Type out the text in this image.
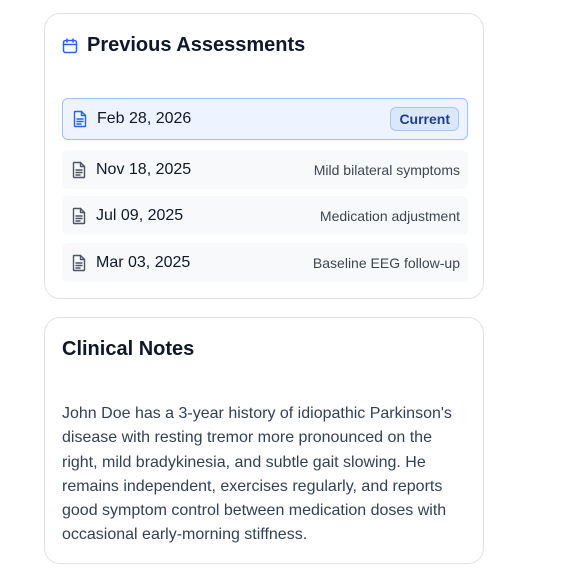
Previous Assessments
Feb 28, 2026	Current
Nov 18, 2025	Mild bilateral symptoms
Jul 09, 2025	Medication adjustment
Mar 03, 2025	Baseline EEG follow-up
Clinical Notes

John Doe has a 3-year history of idiopathic Parkinson's disease with resting tremor more pronounced on the right, mild bradykinesia, and subtle gait slowing. He remains independent, exercises regularly, and reports good symptom control between medication doses with occasional early-morning stiffness.
